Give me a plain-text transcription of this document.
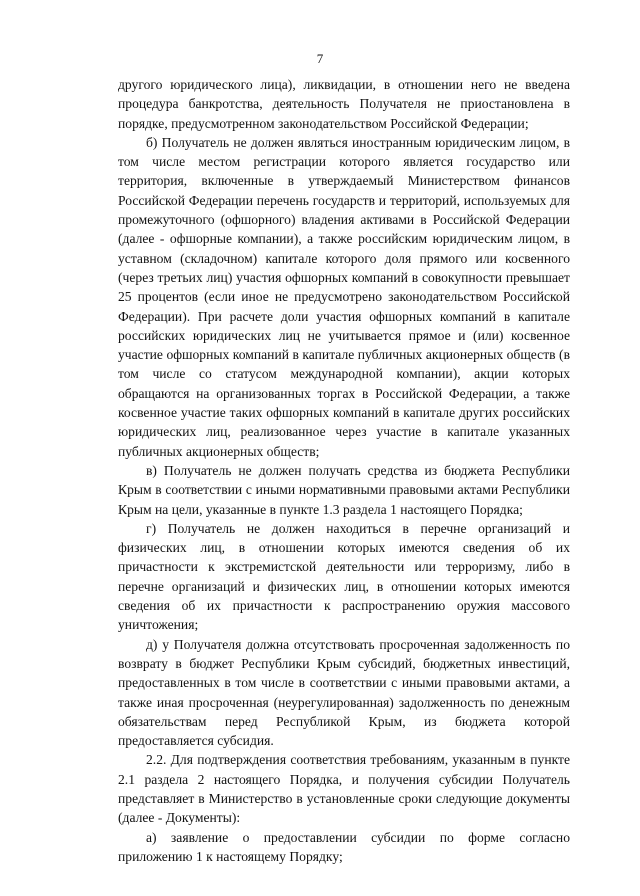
7

другого юридического лица), ликвидации, в отношении него не введена процедура банкротства, деятельность Получателя не приостановлена в порядке, предусмотренном законодательством Российской Федерации;

б) Получатель не должен являться иностранным юридическим лицом, в том числе местом регистрации которого является государство или территория, включенные в утверждаемый Министерством финансов Российской Федерации перечень государств и территорий, используемых для промежуточного (офшорного) владения активами в Российской Федерации (далее - офшорные компании), а также российским юридическим лицом, в уставном (складочном) капитале которого доля прямого или косвенного (через третьих лиц) участия офшорных компаний в совокупности превышает 25 процентов (если иное не предусмотрено законодательством Российской Федерации). При расчете доли участия офшорных компаний в капитале российских юридических лиц не учитывается прямое и (или) косвенное участие офшорных компаний в капитале публичных акционерных обществ (в том числе со статусом международной компании), акции которых обращаются на организованных торгах в Российской Федерации, а также косвенное участие таких офшорных компаний в капитале других российских юридических лиц, реализованное через участие в капитале указанных публичных акционерных обществ;

в) Получатель не должен получать средства из бюджета Республики Крым в соответствии с иными нормативными правовыми актами Республики Крым на цели, указанные в пункте 1.3 раздела 1 настоящего Порядка;

г) Получатель не должен находиться в перечне организаций и физических лиц, в отношении которых имеются сведения об их причастности к экстремистской деятельности или терроризму, либо в перечне организаций и физических лиц, в отношении которых имеются сведения об их причастности к распространению оружия массового уничтожения;

д) у Получателя должна отсутствовать просроченная задолженность по возврату в бюджет Республики Крым субсидий, бюджетных инвестиций, предоставленных в том числе в соответствии с иными правовыми актами, а также иная просроченная (неурегулированная) задолженность по денежным обязательствам перед Республикой Крым, из бюджета которой предоставляется субсидия.

2.2. Для подтверждения соответствия требованиям, указанным в пункте 2.1 раздела 2 настоящего Порядка, и получения субсидии Получатель представляет в Министерство в установленные сроки следующие документы (далее - Документы):

а) заявление о предоставлении субсидии по форме согласно приложению 1 к настоящему Порядку;
